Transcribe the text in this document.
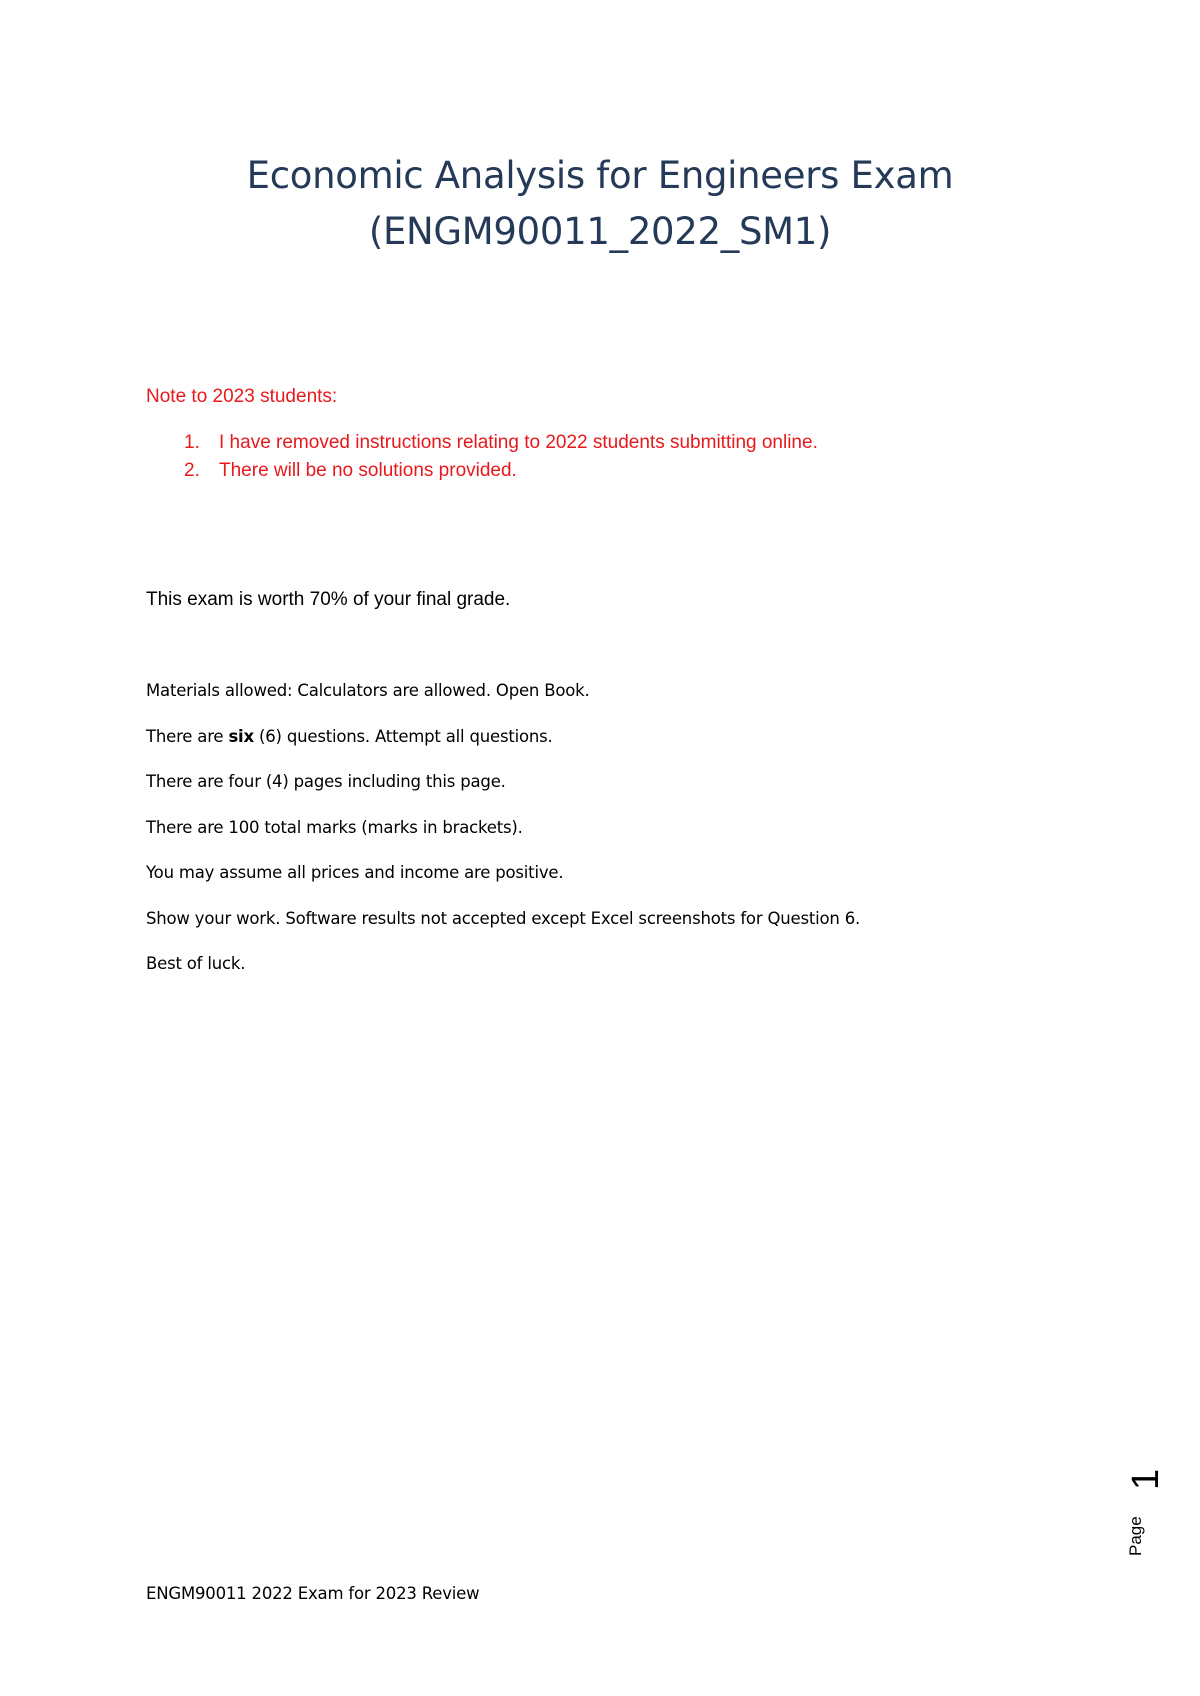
Economic Analysis for Engineers Exam
(ENGM90011_2022_SM1)
Note to 2023 students:
1. I have removed instructions relating to 2022 students submitting online.
2. There will be no solutions provided.
This exam is worth 70% of your final grade.
Materials allowed: Calculators are allowed. Open Book.
There are six (6) questions. Attempt all questions.
There are four (4) pages including this page.
There are 100 total marks (marks in brackets).
You may assume all prices and income are positive.
Show your work. Software results not accepted except Excel screenshots for Question 6.
Best of luck.
ENGM90011 2022 Exam for 2023 Review
Page
1
